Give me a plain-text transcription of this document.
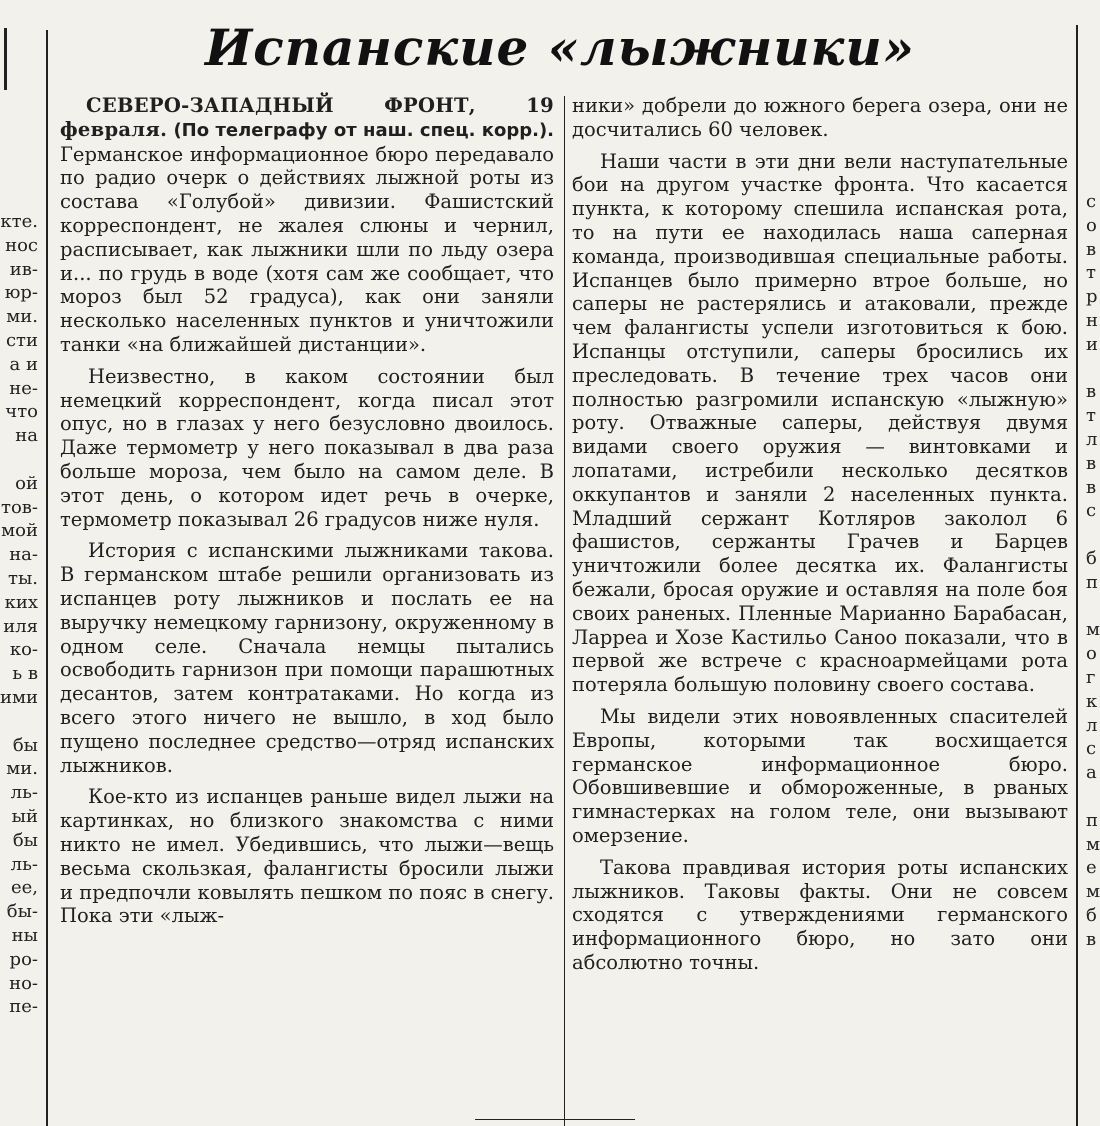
кте.
нос
ив-
юр-
ми.
сти
а и
не-
что
на

ой
тов-
мой
на-
ты.
ких
иля
ко-
ь в
ими

бы
ми.
ль-
ый
бы
ль-
ее,
бы-
ны
ро-
но-
пе-
с
о
в
т
р
н
и

в
т
л
в
в
с

б
п

м
о
г
к
л
с
а

п
м
е
м
б
в
Испанские «лыжники»

СЕВЕРО-ЗАПАДНЫЙ ФРОНТ, 19 февраля. (По телеграфу от наш. спец. корр.). Германское информационное бюро передавало по радио очерк о действиях лыжной роты из состава «Голубой» дивизии. Фашистский корреспондент, не жалея слюны и чернил, расписывает, как лыжники шли по льду озера и... по грудь в воде (хотя сам же сообщает, что мороз был 52 градуса), как они заняли несколько населенных пунктов и уничтожили танки «на ближайшей дистанции».

Неизвестно, в каком состоянии был немецкий корреспондент, когда писал этот опус, но в глазах у него безусловно двоилось. Даже термометр у него показывал в два раза больше мороза, чем было на самом деле. В этот день, о котором идет речь в очерке, термометр показывал 26 градусов ниже нуля.

История с испанскими лыжниками такова. В германском штабе решили организовать из испанцев роту лыжников и послать ее на выручку немецкому гарнизону, окруженному в одном селе. Сначала немцы пытались освободить гарнизон при помощи парашютных десантов, затем контратаками. Но когда из всего этого ничего не вышло, в ход было пущено последнее средство—отряд испанских лыжников.

Кое-кто из испанцев раньше видел лыжи на картинках, но близкого знакомства с ними никто не имел. Убедившись, что лыжи—вещь весьма скользкая, фалангисты бросили лыжи и предпочли ковылять пешком по пояс в снегу. Пока эти «лыж-

ники» добрели до южного берега озера, они не досчитались 60 человек.

Наши части в эти дни вели наступательные бои на другом участке фронта. Что касается пункта, к которому спешила испанская рота, то на пути ее находилась наша саперная команда, производившая специальные работы. Испанцев было примерно втрое больше, но саперы не растерялись и атаковали, прежде чем фалангисты успели изготовиться к бою. Испанцы отступили, саперы бросились их преследовать. В течение трех часов они полностью разгромили испанскую «лыжную» роту. Отважные саперы, действуя двумя видами своего оружия — винтовками и лопатами, истребили несколько десятков оккупантов и заняли 2 населенных пункта. Младший сержант Котляров заколол 6 фашистов, сержанты Грачев и Барцев уничтожили более десятка их. Фалангисты бежали, бросая оружие и оставляя на поле боя своих раненых. Пленные Марианно Барабасан, Ларреа и Хозе Кастильо Саноо показали, что в первой же встрече с красноармейцами рота потеряла большую половину своего состава.

Мы видели этих новоявленных спасителей Европы, которыми так восхищается германское информационное бюро. Обовшивевшие и обмороженные, в рваных гимнастерках на голом теле, они вызывают омерзение.

Такова правдивая история роты испанских лыжников. Таковы факты. Они не совсем сходятся с утверждениями германского информационного бюро, но зато они абсолютно точны.
